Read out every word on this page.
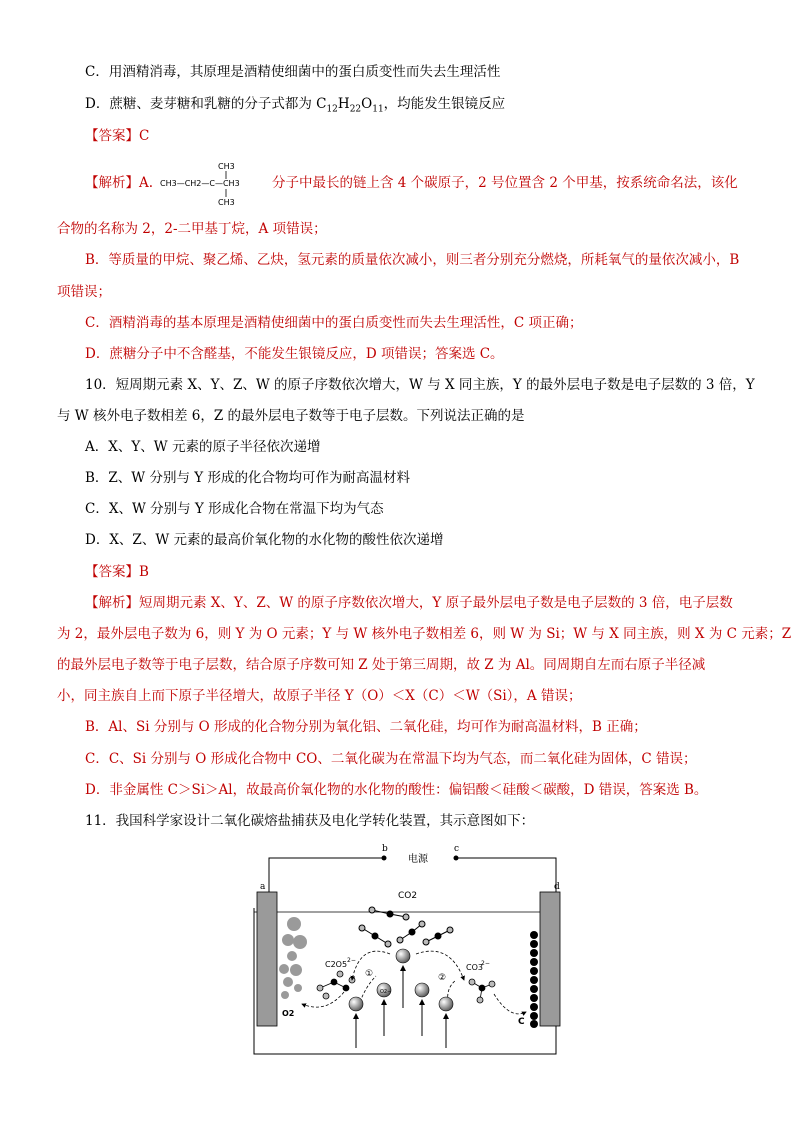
C．用酒精消毒，其原理是酒精使细菌中的蛋白质变性而失去生理活性
D．蔗糖、麦芽糖和乳糖的分子式都为 $C_{12}H_{22}O_{11}$，均能发生银镜反应
【答案】C
【解析】A.
CH3
CH3—CH2—C—CH3
CH3
分子中最长的链上含 4 个碳原子，2 号位置含 2 个甲基，按系统命名法，该化
合物的名称为 2，2-二甲基丁烷，A 项错误；
B．等质量的甲烷、聚乙烯、乙炔，氢元素的质量依次减小，则三者分别充分燃烧，所耗氧气的量依次减小，B
项错误；
C．酒精消毒的基本原理是酒精使细菌中的蛋白质变性而失去生理活性，C 项正确；
D．蔗糖分子中不含醛基，不能发生银镜反应，D 项错误；答案选 C。
10．短周期元素 X、Y、Z、W 的原子序数依次增大，W 与 X 同主族，Y 的最外层电子数是电子层数的 3 倍，Y
与 W 核外电子数相差 6，Z 的最外层电子数等于电子层数。下列说法正确的是
A．X、Y、W 元素的原子半径依次递增
B．Z、W 分别与 Y 形成的化合物均可作为耐高温材料
C．X、W 分别与 Y 形成化合物在常温下均为气态
D．X、Z、W 元素的最高价氧化物的水化物的酸性依次递增
【答案】B
【解析】短周期元素 X、Y、Z、W 的原子序数依次增大，Y 原子最外层电子数是电子层数的 3 倍，电子层数
为 2，最外层电子数为 6，则 Y 为 O 元素；Y 与 W 核外电子数相差 6，则 W 为 Si；W 与 X 同主族，则 X 为 C 元素；Z
的最外层电子数等于电子层数，结合原子序数可知 Z 处于第三周期，故 Z 为 Al。同周期自左而右原子半径减
小，同主族自上而下原子半径增大，故原子半径 Y（O）＜X（C）＜W（Si），A 错误；
B．Al、Si 分别与 O 形成的化合物分别为氧化铝、二氧化硅，均可作为耐高温材料，B 正确；
C．C、Si 分别与 O 形成化合物中 CO、二氧化碳为在常温下均为气态，而二氧化硅为固体，C 错误；
D．非金属性 C＞Si＞Al，故最高价氧化物的水化物的酸性：偏铝酸＜硅酸＜碳酸，D 错误，答案选 B。
11．我国科学家设计二氧化碳熔盐捕获及电化学转化装置，其示意图如下：
b	c
电源
a	d
O2
C
CO2
C2O5 2−
①
CO3
2−
②
O2−
